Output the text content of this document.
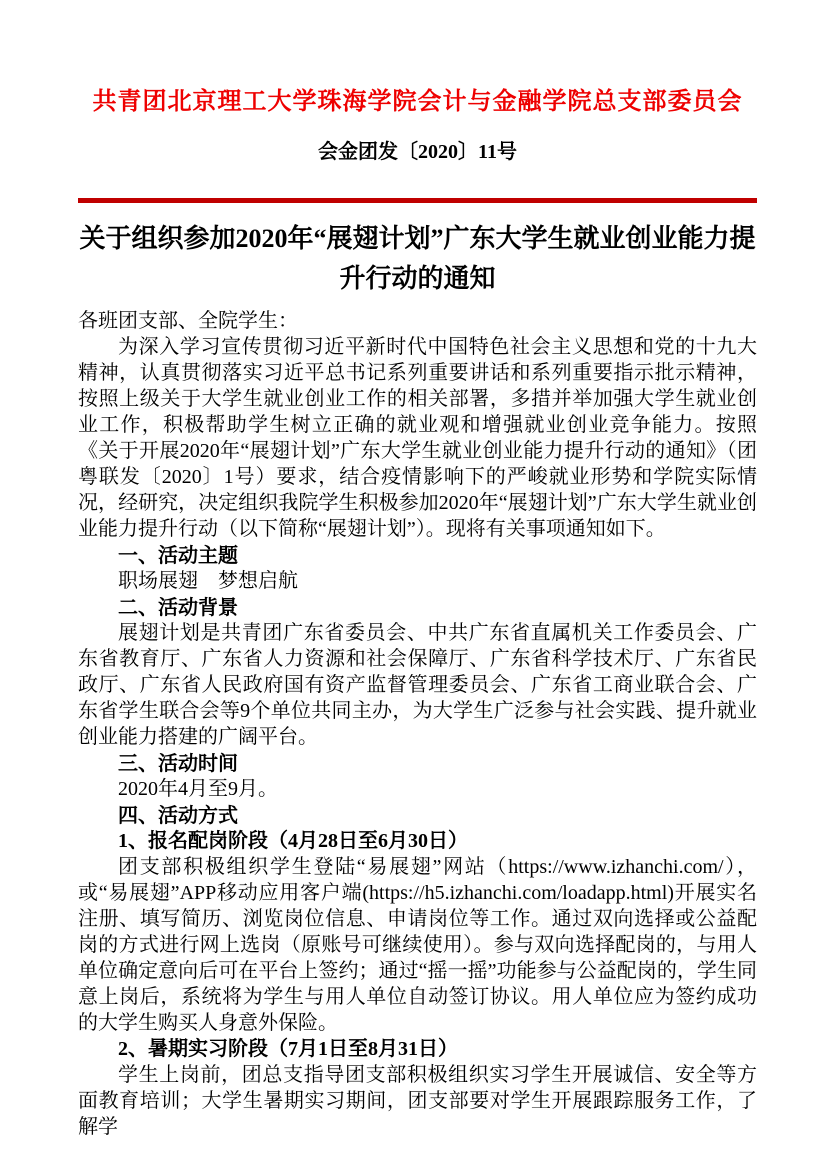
共青团北京理工大学珠海学院会计与金融学院总支部委员会
会金团发〔2020〕11号
关于组织参加2020年“展翅计划”广东大学生就业创业能力提升行动的通知

各班团支部、全院学生：

为深入学习宣传贯彻习近平新时代中国特色社会主义思想和党的十九大精神，认真贯彻落实习近平总书记系列重要讲话和系列重要指示批示精神，按照上级关于大学生就业创业工作的相关部署，多措并举加强大学生就业创业工作，积极帮助学生树立正确的就业观和增强就业创业竞争能力。按照《关于开展2020年“展翅计划”广东大学生就业创业能力提升行动的通知》（团粤联发〔2020〕1号）要求，结合疫情影响下的严峻就业形势和学院实际情况，经研究，决定组织我院学生积极参加2020年“展翅计划”广东大学生就业创业能力提升行动（以下简称“展翅计划”）。现将有关事项通知如下。

一、活动主题

职场展翅　梦想启航

二、活动背景

展翅计划是共青团广东省委员会、中共广东省直属机关工作委员会、广东省教育厅、广东省人力资源和社会保障厅、广东省科学技术厅、广东省民政厅、广东省人民政府国有资产监督管理委员会、广东省工商业联合会、广东省学生联合会等9个单位共同主办，为大学生广泛参与社会实践、提升就业创业能力搭建的广阔平台。

三、活动时间

2020年4月至9月。

四、活动方式

1、报名配岗阶段（4月28日至6月30日）

团支部积极组织学生登陆“易展翅”网站（https://www.izhanchi.com/），或“易展翅”APP移动应用客户端(https://h5.izhanchi.com/loadapp.html)开展实名注册、填写简历、浏览岗位信息、申请岗位等工作。通过双向选择或公益配岗的方式进行网上选岗（原账号可继续使用）。参与双向选择配岗的，与用人单位确定意向后可在平台上签约；通过“摇一摇”功能参与公益配岗的，学生同意上岗后，系统将为学生与用人单位自动签订协议。用人单位应为签约成功的大学生购买人身意外保险。

2、暑期实习阶段（7月1日至8月31日）

学生上岗前，团总支指导团支部积极组织实习学生开展诚信、安全等方面教育培训；大学生暑期实习期间，团支部要对学生开展跟踪服务工作，了解学
